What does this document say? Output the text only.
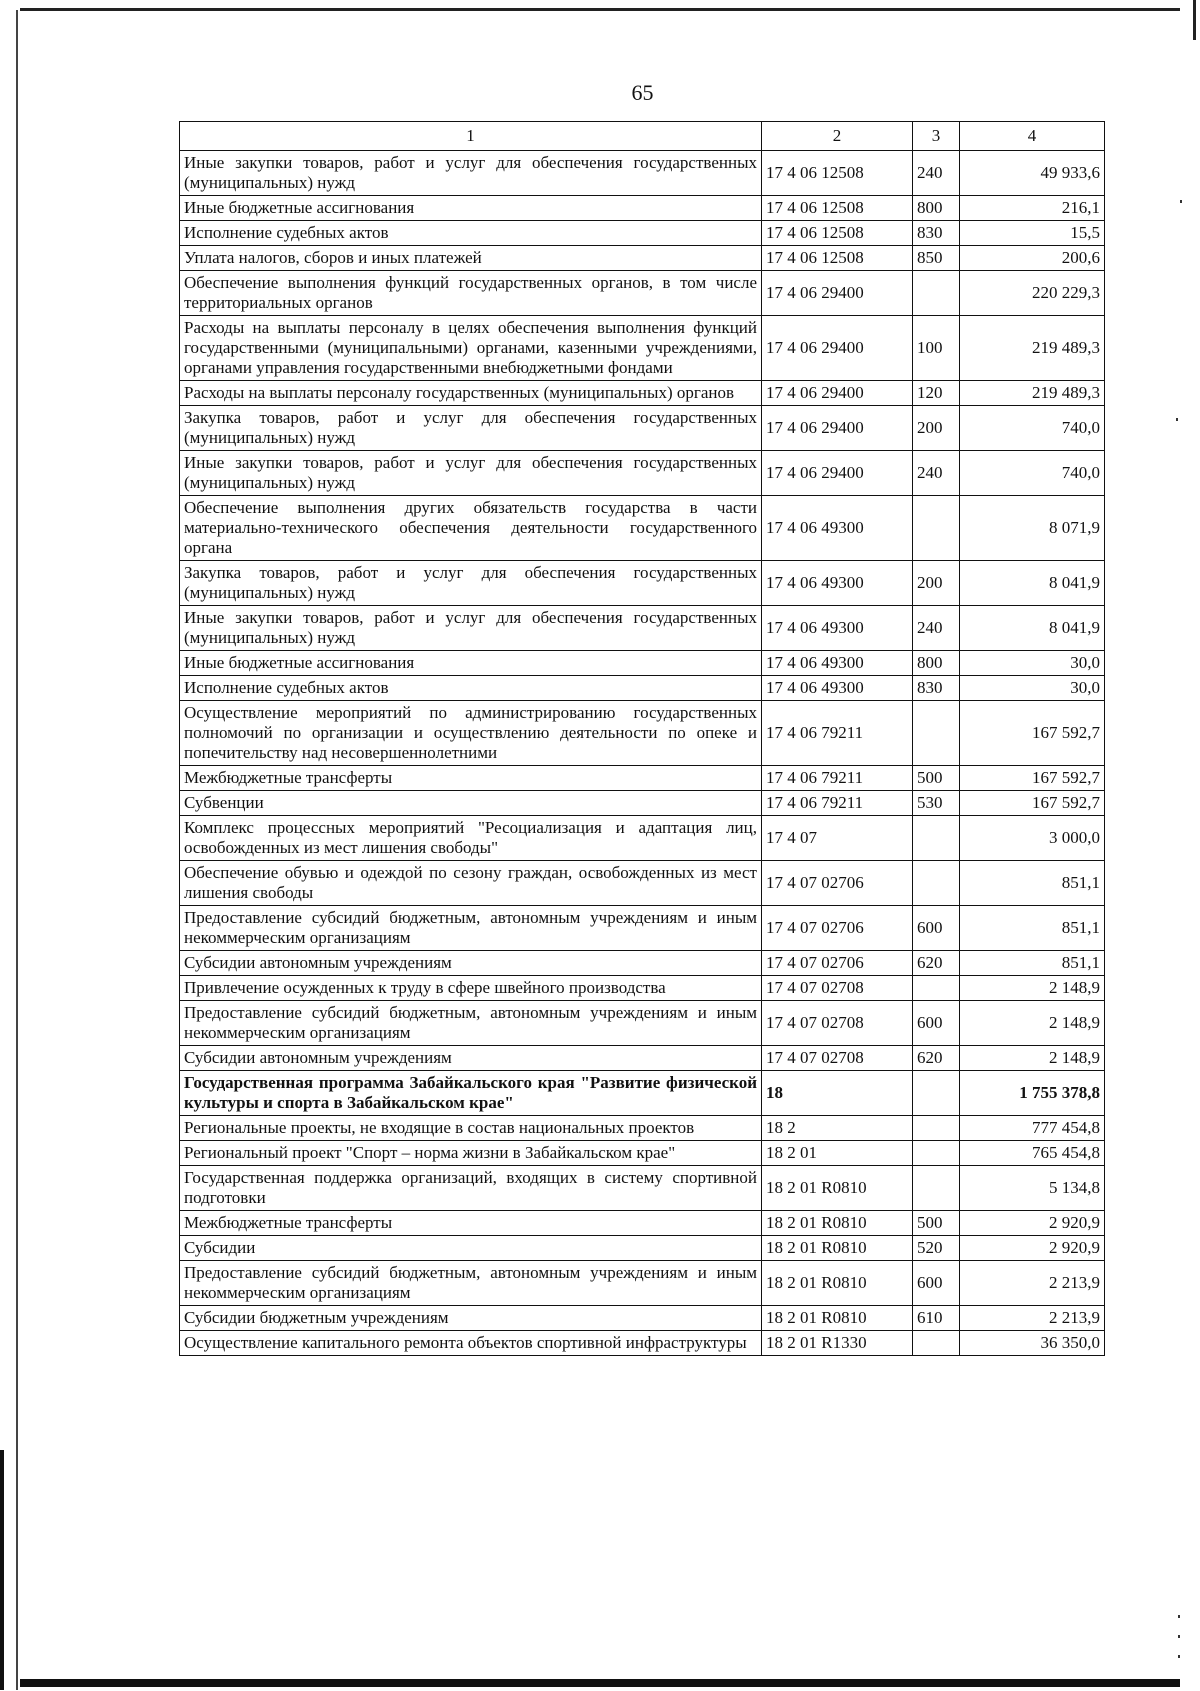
65
1	2	3	4
Иные закупки товаров, работ и услуг для обеспечения государственных (муниципальных) нужд	17 4 06 12508	240	49 933,6
Иные бюджетные ассигнования	17 4 06 12508	800	216,1
Исполнение судебных актов	17 4 06 12508	830	15,5
Уплата налогов, сборов и иных платежей	17 4 06 12508	850	200,6
Обеспечение выполнения функций государственных органов, в том числе территориальных органов	17 4 06 29400		220 229,3
Расходы на выплаты персоналу в целях обеспечения выполнения функций государственными (муниципальными) органами, казенными учреждениями, органами управления государственными внебюджетными фондами	17 4 06 29400	100	219 489,3
Расходы на выплаты персоналу государственных (муниципальных) органов	17 4 06 29400	120	219 489,3
Закупка товаров, работ и услуг для обеспечения государственных (муниципальных) нужд	17 4 06 29400	200	740,0
Иные закупки товаров, работ и услуг для обеспечения государственных (муниципальных) нужд	17 4 06 29400	240	740,0
Обеспечение выполнения других обязательств государства в части материально-технического обеспечения деятельности государственного органа	17 4 06 49300		8 071,9
Закупка товаров, работ и услуг для обеспечения государственных (муниципальных) нужд	17 4 06 49300	200	8 041,9
Иные закупки товаров, работ и услуг для обеспечения государственных (муниципальных) нужд	17 4 06 49300	240	8 041,9
Иные бюджетные ассигнования	17 4 06 49300	800	30,0
Исполнение судебных актов	17 4 06 49300	830	30,0
Осуществление мероприятий по администрированию государственных полномочий по организации и осуществлению деятельности по опеке и попечительству над несовершеннолетними	17 4 06 79211		167 592,7
Межбюджетные трансферты	17 4 06 79211	500	167 592,7
Субвенции	17 4 06 79211	530	167 592,7
Комплекс процессных мероприятий "Ресоциализация и адаптация лиц, освобожденных из мест лишения свободы"	17 4 07		3 000,0
Обеспечение обувью и одеждой по сезону граждан, освобожденных из мест лишения свободы	17 4 07 02706		851,1
Предоставление субсидий бюджетным, автономным учреждениям и иным некоммерческим организациям	17 4 07 02706	600	851,1
Субсидии автономным учреждениям	17 4 07 02706	620	851,1
Привлечение осужденных к труду в сфере швейного производства	17 4 07 02708		2 148,9
Предоставление субсидий бюджетным, автономным учреждениям и иным некоммерческим организациям	17 4 07 02708	600	2 148,9
Субсидии автономным учреждениям	17 4 07 02708	620	2 148,9
Государственная программа Забайкальского края "Развитие физической культуры и спорта в Забайкальском крае"	18		1 755 378,8
Региональные проекты, не входящие в состав национальных проектов	18 2		777 454,8
Региональный проект "Спорт – норма жизни в Забайкальском крае"	18 2 01		765 454,8
Государственная поддержка организаций, входящих в систему спортивной подготовки	18 2 01 R0810		5 134,8
Межбюджетные трансферты	18 2 01 R0810	500	2 920,9
Субсидии	18 2 01 R0810	520	2 920,9
Предоставление субсидий бюджетным, автономным учреждениям и иным некоммерческим организациям	18 2 01 R0810	600	2 213,9
Субсидии бюджетным учреждениям	18 2 01 R0810	610	2 213,9
Осуществление капитального ремонта объектов спортивной инфраструктуры	18 2 01 R1330		36 350,0
